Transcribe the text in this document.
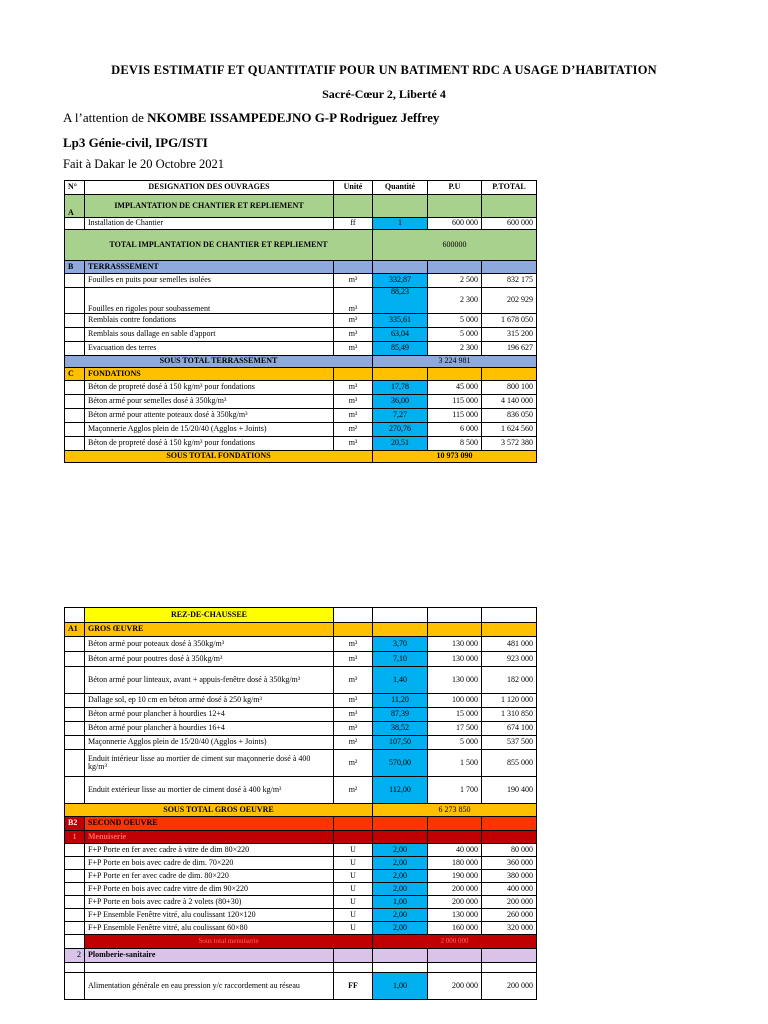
DEVIS ESTIMATIF ET QUANTITATIF POUR UN BATIMENT RDC A USAGE D’HABITATION
Sacré-Cœur 2, Liberté 4
A l’attention de NKOMBE ISSAMPEDEJNO G-P Rodriguez Jeffrey
Lp3 Génie-civil, IPG/ISTI
Fait à Dakar le 20 Octobre 2021
N°	DESIGNATION DES OUVRAGES	Unité	Quantité	P.U	P.TOTAL
A	IMPLANTATION DE CHANTIER ET REPLIEMENT				
	Installation de Chantier	ff	1	600 000	600 000
TOTAL IMPLANTATION DE CHANTIER ET REPLIEMENT			600000		
B	TERRASSSEMENT				
	Fouilles en puits pour semelles isolées	m³	332,87	2 500	832 175
	Fouilles en rigoles pour soubassement	m³	88,23	2 300	202 929
	Remblais contre fondations	m³	335,61	5 000	1 678 050
	Remblais sous dallage en sable d'apport	m³	63,04	5 000	315 200
	Evacuation des terres	m³	85,49	2 300	196 627
SOUS TOTAL TERRASSEMENT			3 224 981		
C	FONDATIONS				
	Béton de propreté dosé à 150 kg/m³ pour fondations	m³	17,78	45 000	800 100
	Béton armé pour semelles dosé à 350kg/m³	m³	36,00	115 000	4 140 000
	Béton armé pour attente poteaux dosé à 350kg/m³	m³	7,27	115 000	836 050
	Maçonnerie Agglos plein de 15/20/40 (Agglos + Joints)	m²	270,76	6 000	1 624 560
	Béton de propreté dosé à 150 kg/m³ pour fondations	m³	20,51	8 500	3 572 380
SOUS TOTAL FONDATIONS			10 973 090		
	REZ-DE-CHAUSSEE				
A1	GROS ŒUVRE				
	Béton armé pour poteaux dosé à 350kg/m³	m³	3,70	130 000	481 000
	Béton armé pour poutres dosé à 350kg/m³	m³	7,10	130 000	923 000
	Béton armé pour linteaux, avant + appuis-fenêtre dosé à 350kg/m³	m³	1,40	130 000	182 000
	Dallage sol, ep 10 cm en béton armé dosé à 250 kg/m³	m³	11,20	100 000	1 120 000
	Béton armé pour plancher à hourdies 12+4	m³	87,39	15 000	1 310 850
	Béton armé pour plancher à hourdies 16+4	m³	38,52	17 500	674 100
	Maçonnerie Agglos plein de 15/20/40 (Agglos + Joints)	m²	107,50	5 000	537 500
	Enduit intérieur lisse au mortier de ciment sur maçonnerie dosé à 400 kg/m³	m²	570,00	1 500	855 000
	Enduit extérieur lisse au mortier de ciment dosé à 400 kg/m³	m²	112,00	1 700	190 400
SOUS TOTAL GROS OEUVRE			6 273 850		
B2	SECOND OEUVRE				
1	Menuiserie				
	F+P Porte en fer avec cadre à vitre de dim 80×220	U	2,00	40 000	80 000
	F+P Porte en bois avec cadre de dim. 70×220	U	2,00	180 000	360 000
	F+P Porte en fer avec cadre de dim. 80×220	U	2,00	190 000	380 000
	F+P Porte en bois avec cadre vitre de dim 90×220	U	2,00	200 000	400 000
	F+P Porte en bois avec cadre à 2 volets (80+30)	U	1,00	200 000	200 000
	F+P Ensemble Fenêtre vitré, alu coulissant 120×120	U	2,00	130 000	260 000
	F+P Ensemble Fenêtre vitré, alu coulissant 60×80	U	2,00	160 000	320 000
	Sous total menuiserie		2 000 000		
2	Plomberie-sanitaire				

	Alimentation générale en eau pression y/c raccordement au réseau	FF	1,00	200 000	200 000
